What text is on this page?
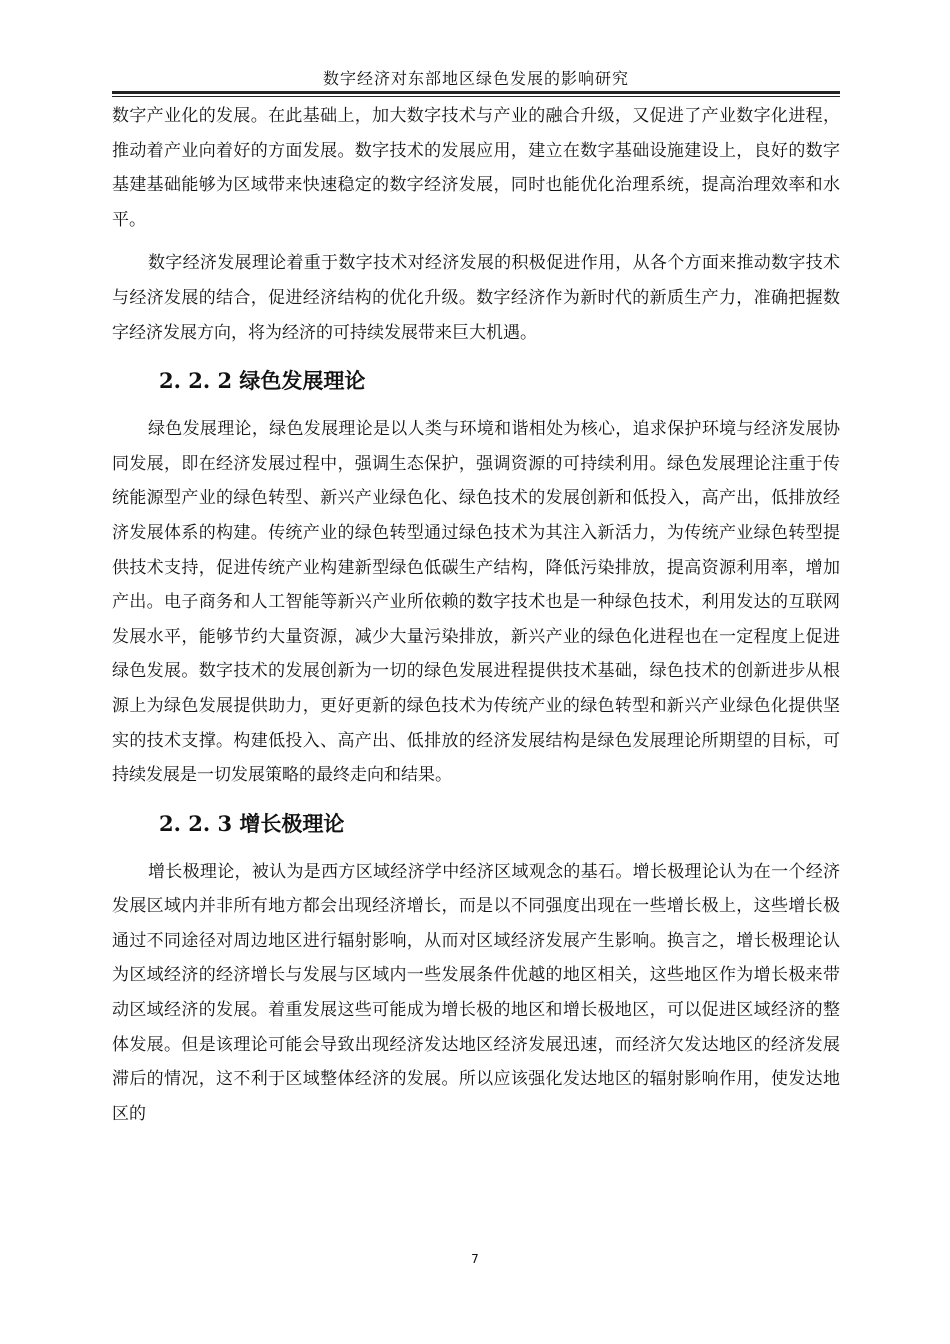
数字经济对东部地区绿色发展的影响研究

数字产业化的发展。在此基础上，加大数字技术与产业的融合升级，又促进了产业数字化进程，推动着产业向着好的方面发展。数字技术的发展应用，建立在数字基础设施建设上，良好的数字基建基础能够为区域带来快速稳定的数字经济发展，同时也能优化治理系统，提高治理效率和水平。

数字经济发展理论着重于数字技术对经济发展的积极促进作用，从各个方面来推动数字技术与经济发展的结合，促进经济结构的优化升级。数字经济作为新时代的新质生产力，准确把握数字经济发展方向，将为经济的可持续发展带来巨大机遇。

2. 2. 2 绿色发展理论

绿色发展理论，绿色发展理论是以人类与环境和谐相处为核心，追求保护环境与经济发展协同发展，即在经济发展过程中，强调生态保护，强调资源的可持续利用。绿色发展理论注重于传统能源型产业的绿色转型、新兴产业绿色化、绿色技术的发展创新和低投入，高产出，低排放经济发展体系的构建。传统产业的绿色转型通过绿色技术为其注入新活力，为传统产业绿色转型提供技术支持，促进传统产业构建新型绿色低碳生产结构，降低污染排放，提高资源利用率，增加产出。电子商务和人工智能等新兴产业所依赖的数字技术也是一种绿色技术，利用发达的互联网发展水平，能够节约大量资源，减少大量污染排放，新兴产业的绿色化进程也在一定程度上促进绿色发展。数字技术的发展创新为一切的绿色发展进程提供技术基础，绿色技术的创新进步从根源上为绿色发展提供助力，更好更新的绿色技术为传统产业的绿色转型和新兴产业绿色化提供坚实的技术支撑。构建低投入、高产出、低排放的经济发展结构是绿色发展理论所期望的目标，可持续发展是一切发展策略的最终走向和结果。

2. 2. 3 增长极理论

增长极理论，被认为是西方区域经济学中经济区域观念的基石。增长极理论认为在一个经济发展区域内并非所有地方都会出现经济增长，而是以不同强度出现在一些增长极上，这些增长极通过不同途径对周边地区进行辐射影响，从而对区域经济发展产生影响。换言之，增长极理论认为区域经济的经济增长与发展与区域内一些发展条件优越的地区相关，这些地区作为增长极来带动区域经济的发展。着重发展这些可能成为增长极的地区和增长极地区，可以促进区域经济的整体发展。但是该理论可能会导致出现经济发达地区经济发展迅速，而经济欠发达地区的经济发展滞后的情况，这不利于区域整体经济的发展。所以应该强化发达地区的辐射影响作用，使发达地区的

7
